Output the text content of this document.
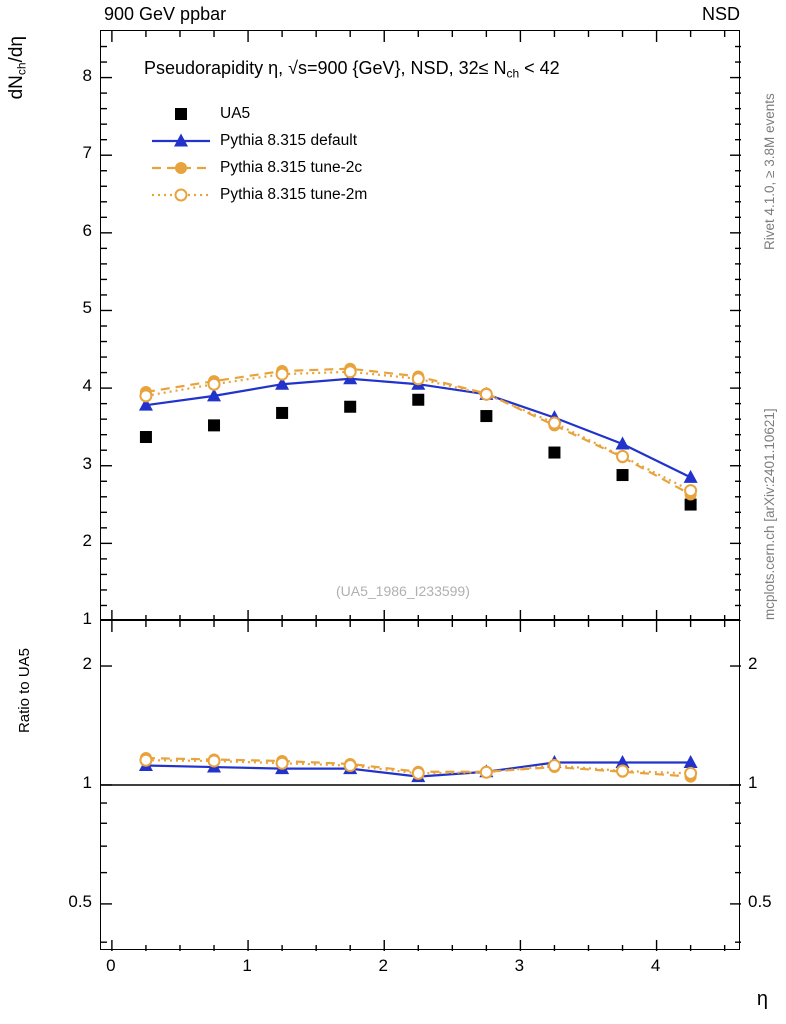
900 GeV ppbar	NSD
Rivet 4.1.0, ≥ 3.8M events
mcplots.cern.ch [arXiv:2401.10621]
$dN_{ch}/d\eta$
Ratio to UA5
η
1
2
3
4
5
6
7
8	Pseudorapidity η, √s=900 {GeV}, NSD, $32\le N_{ch} < 42$
UA5
Pythia 8.315 default
Pythia 8.315 tune-2c
Pythia 8.315 tune-2m
(UA5_1986_I233599)
0.5	0.5
1	1
2	2
0	1	2	3	4
